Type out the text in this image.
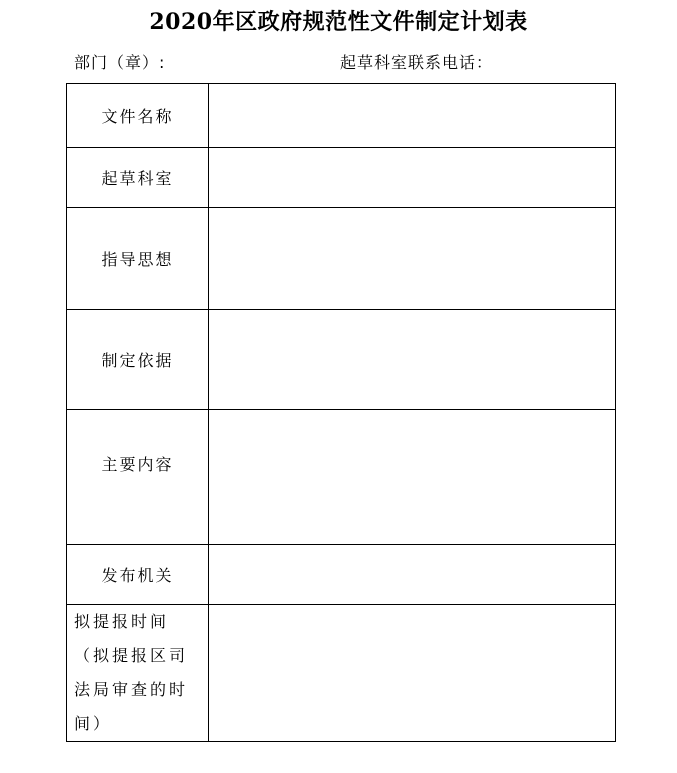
2020年区政府规范性文件制定计划表
部门（章）:	起草科室联系电话：
文件名称	
起草科室	
指导思想	
制定依据	
主要内容	
发布机关	
拟提报时间（拟提报区司法局审查的时间）	
